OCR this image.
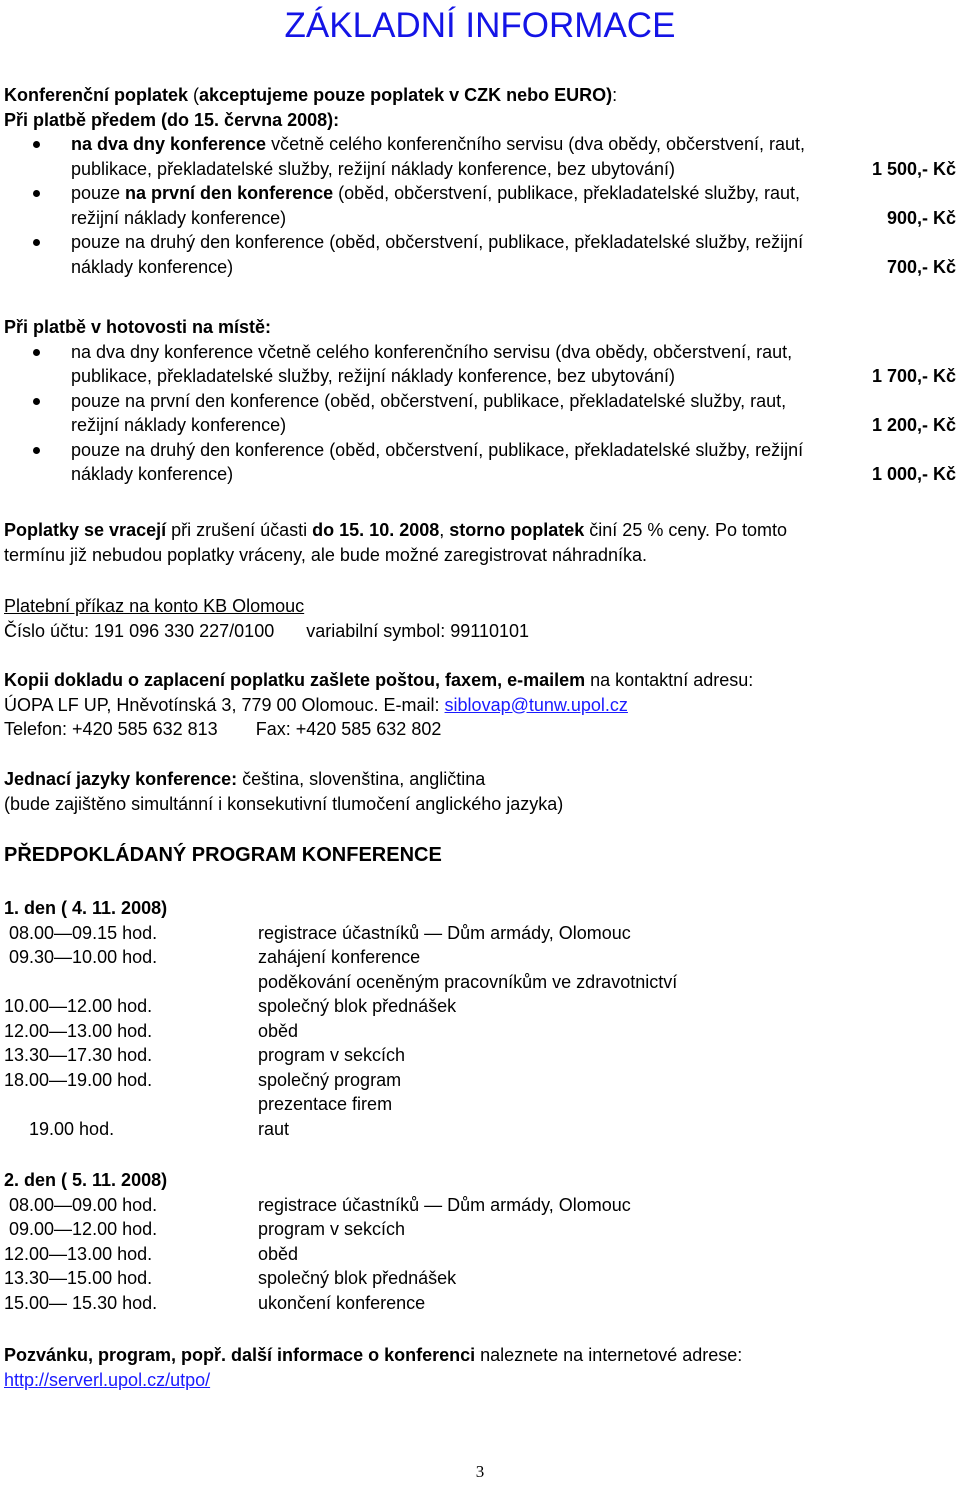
ZÁKLADNÍ INFORMACE
Konferenční poplatek (akceptujeme pouze poplatek v CZK nebo EURO):
Při platbě předem (do 15. června 2008):
na dva dny konference včetně celého konferenčního servisu (dva obědy, občerstvení, raut,
publikace, překladatelské služby, režijní náklady konference, bez ubytování)	1 500,- Kč
pouze na první den konference (oběd, občerstvení, publikace, překladatelské služby, raut,
režijní náklady konference)	900,- Kč
pouze na druhý den konference (oběd, občerstvení, publikace, překladatelské služby, režijní
náklady konference)	700,- Kč
Při platbě v hotovosti na místě:
na dva dny konference včetně celého konferenčního servisu (dva obědy, občerstvení, raut,
publikace, překladatelské služby, režijní náklady konference, bez ubytování)	1 700,- Kč
pouze na první den konference (oběd, občerstvení, publikace, překladatelské služby, raut,
režijní náklady konference)	1 200,- Kč
pouze na druhý den konference (oběd, občerstvení, publikace, překladatelské služby, režijní
náklady konference)	1 000,- Kč
Poplatky se vracejí při zrušení účasti do 15. 10. 2008, storno poplatek činí 25 % ceny. Po tomto
termínu již nebudou poplatky vráceny, ale bude možné zaregistrovat náhradníka.
Platební příkaz na konto KB Olomouc
Číslo účtu: 191 096 330 227/0100 variabilní symbol: 99110101
Kopii dokladu o zaplacení poplatku zašlete poštou, faxem, e-mailem na kontaktní adresu:
ÚOPA LF UP, Hněvotínská 3, 779 00 Olomouc. E-mail: siblovap@tunw.upol.cz
Telefon: +420 585 632 813 Fax: +420 585 632 802
Jednací jazyky konference: čeština, slovenština, angličtina
(bude zajištěno simultánní i konsekutivní tlumočení anglického jazyka)
PŘEDPOKLÁDANÝ PROGRAM KONFERENCE
1. den ( 4. 11. 2008)
08.00—09.15 hod.	registrace účastníků — Dům armády, Olomouc
09.30—10.00 hod.	zahájení konference
poděkování oceněným pracovníkům ve zdravotnictví
10.00—12.00 hod.	společný blok přednášek
12.00—13.00 hod.	oběd
13.30—17.30 hod.	program v sekcích
18.00—19.00 hod.	společný program
prezentace firem
19.00 hod.	raut
2. den ( 5. 11. 2008)
08.00—09.00 hod.	registrace účastníků — Dům armády, Olomouc
09.00—12.00 hod.	program v sekcích
12.00—13.00 hod.	oběd
13.30—15.00 hod.	společný blok přednášek
15.00— 15.30 hod.	ukončení konference
Pozvánku, program, popř. další informace o konferenci naleznete na internetové adrese:
http://serverl.upol.cz/utpo/
3
